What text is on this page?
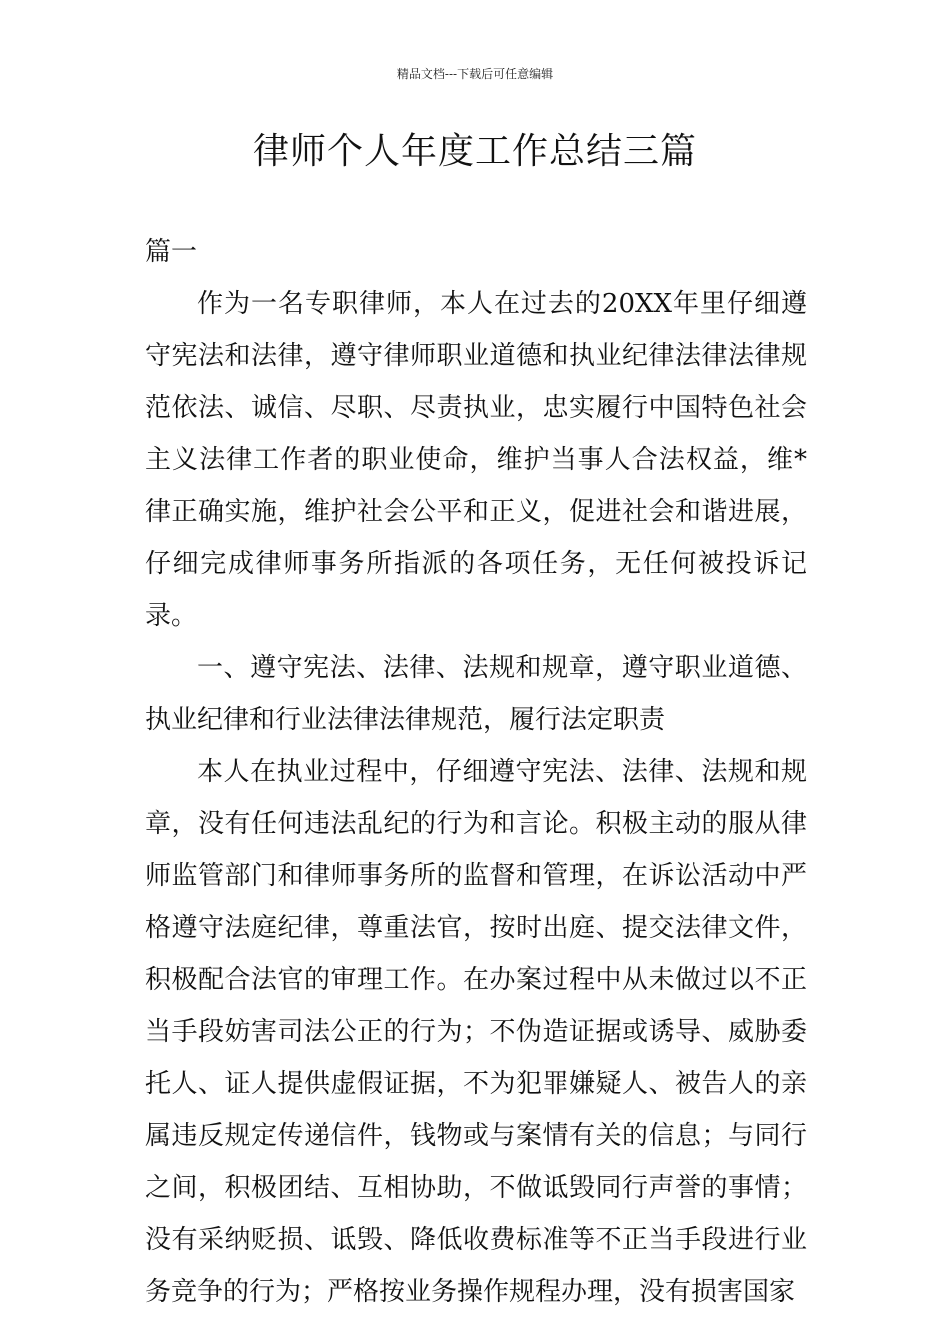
精品文档---下载后可任意编辑
律师个人年度工作总结三篇

篇一

作为一名专职律师，本人在过去的20XX年里仔细遵守宪法和法律，遵守律师职业道德和执业纪律法律法律规范依法、诚信、尽职、尽责执业，忠实履行中国特色社会主义法律工作者的职业使命，维护当事人合法权益，维*律正确实施，维护社会公平和正义，促进社会和谐进展，仔细完成律师事务所指派的各项任务，无任何被投诉记录。

一、遵守宪法、法律、法规和规章，遵守职业道德、执业纪律和行业法律法律规范，履行法定职责

本人在执业过程中，仔细遵守宪法、法律、法规和规章，没有任何违法乱纪的行为和言论。积极主动的服从律师监管部门和律师事务所的监督和管理，在诉讼活动中严格遵守法庭纪律，尊重法官，按时出庭、提交法律文件，积极配合法官的审理工作。在办案过程中从未做过以不正当手段妨害司法公正的行为；不伪造证据或诱导、威胁委托人、证人提供虚假证据，不为犯罪嫌疑人、被告人的亲属违反规定传递信件，钱物或与案情有关的信息；与同行之间，积极团结、互相协助，不做诋毁同行声誉的事情；没有采纳贬损、诋毁、降低收费标准等不正当手段进行业务竞争的行为；严格按业务操作规程办理，没有损害国家
